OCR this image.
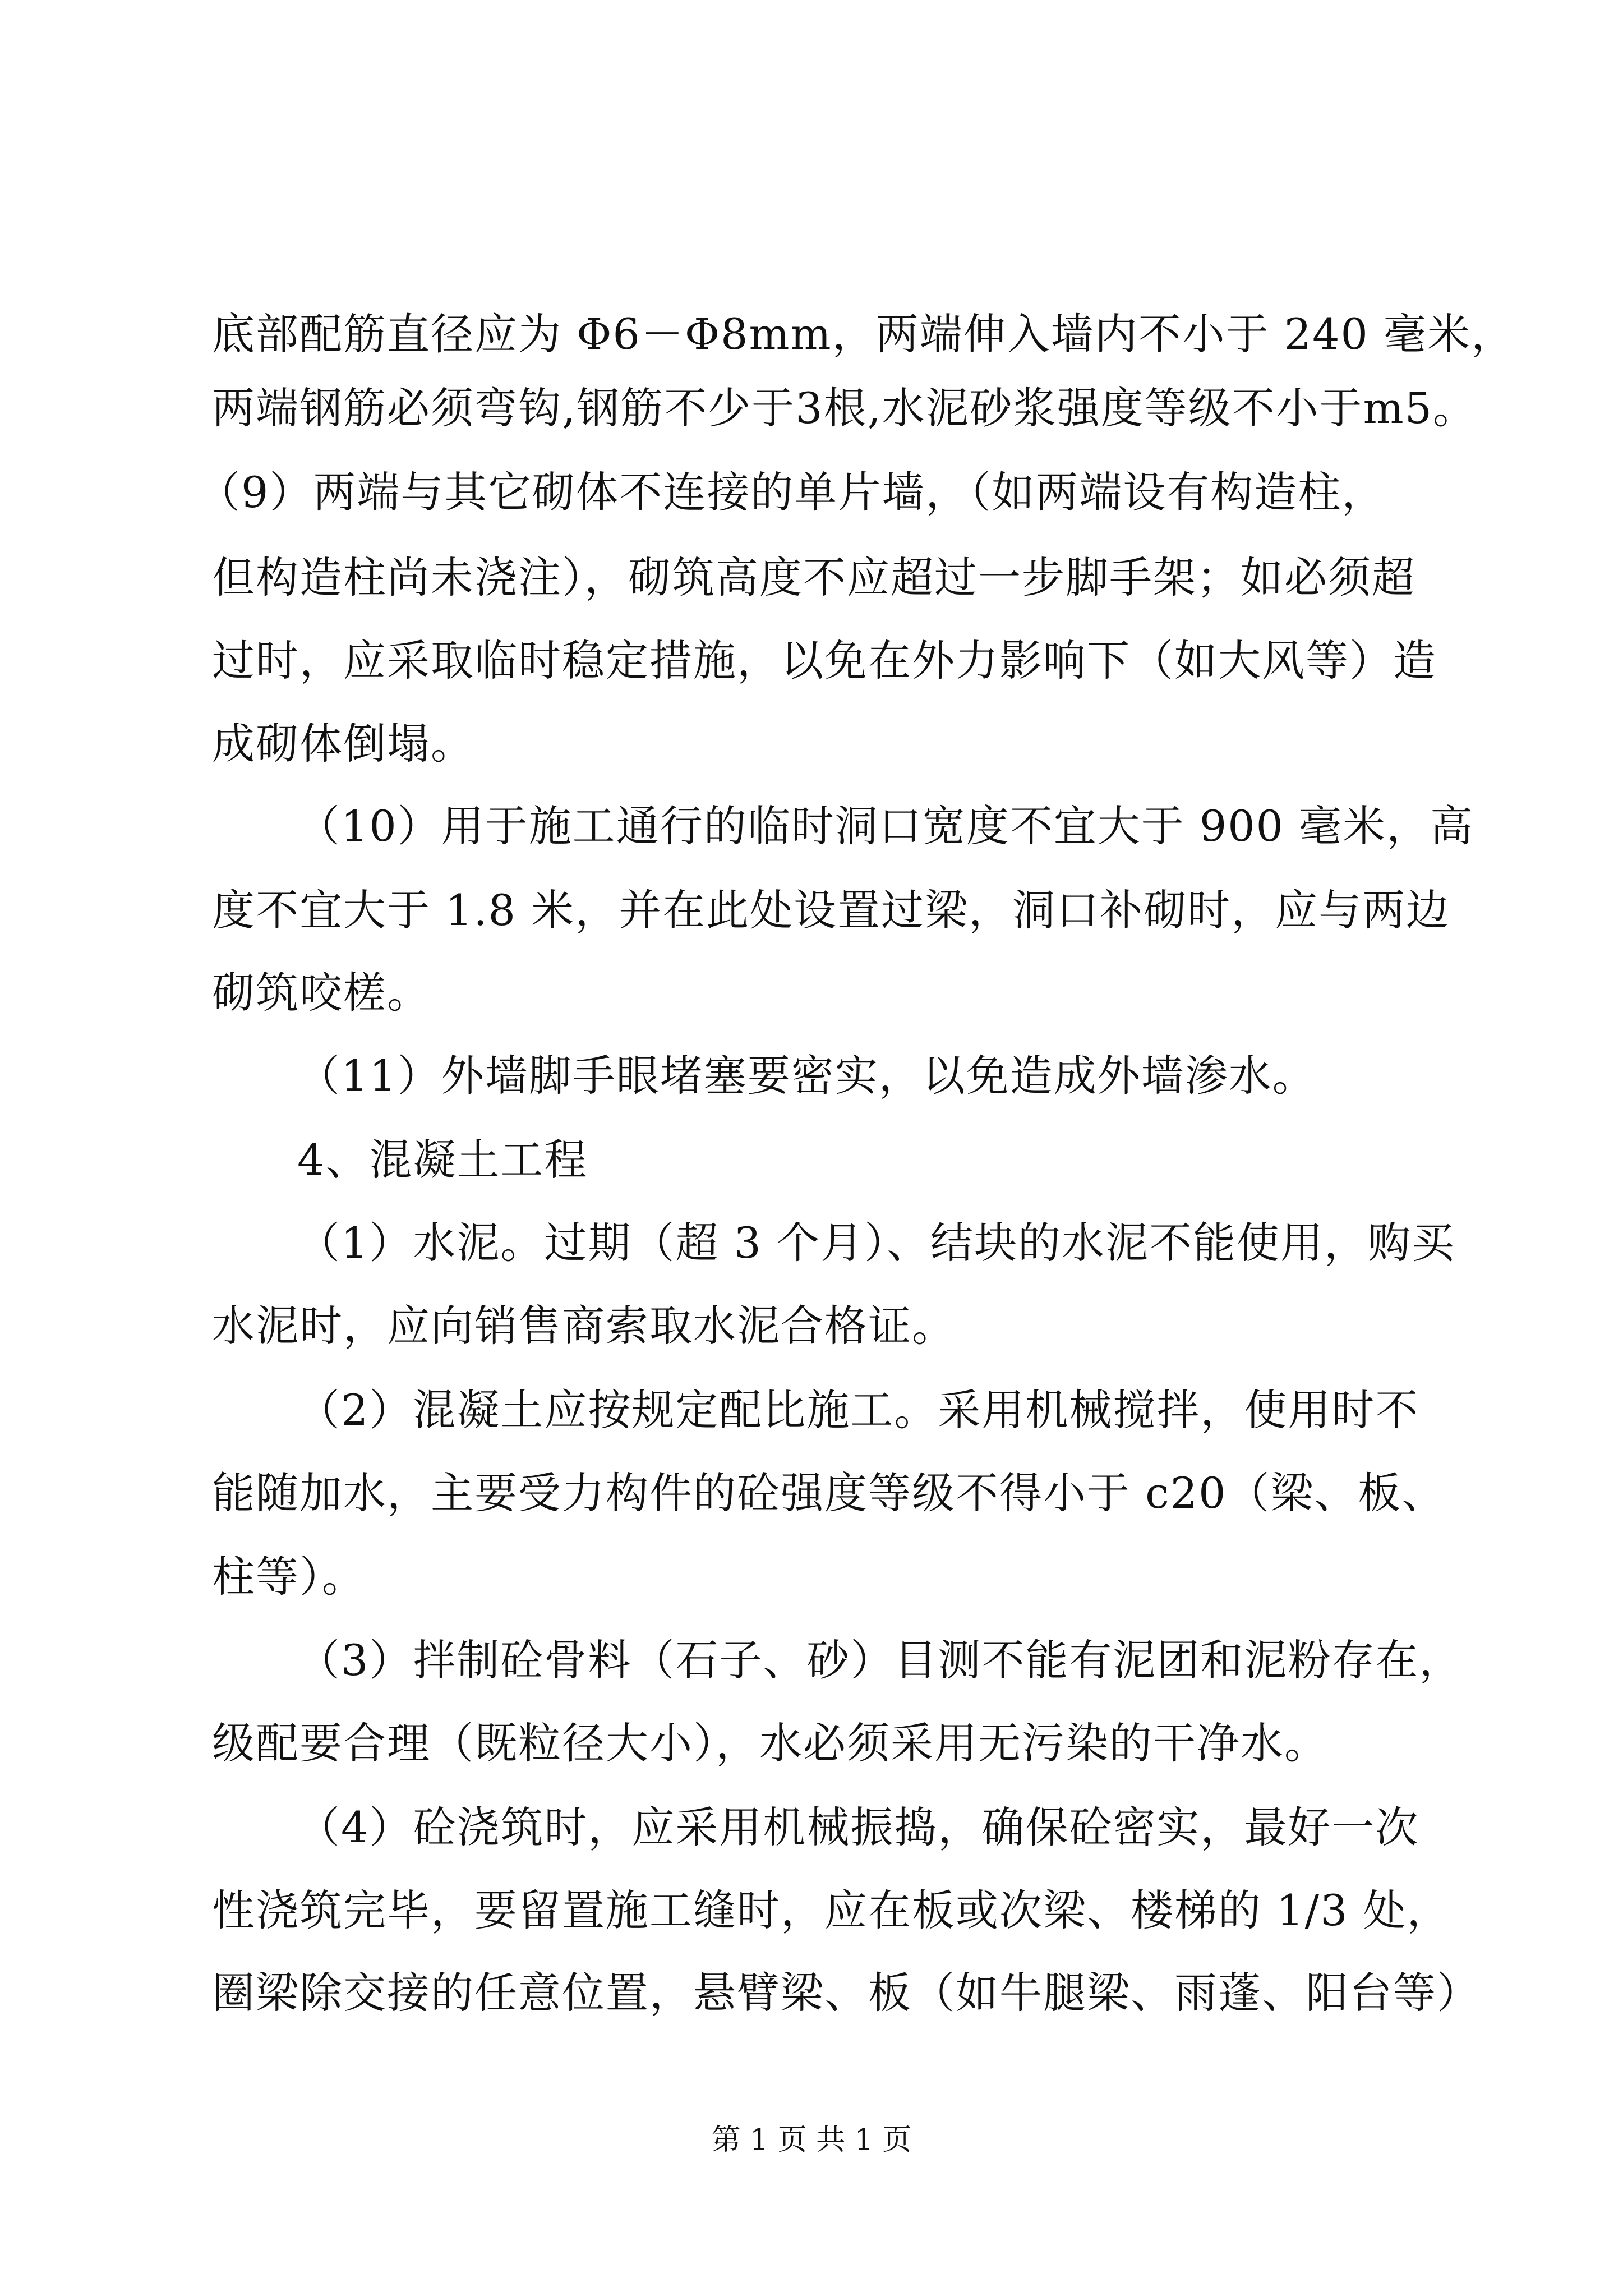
底部配筋直径应为 Φ6－Φ8mm，两端伸入墙内不小于 240 毫米，
两端钢筋必须弯钩,钢筋不少于3根,水泥砂浆强度等级不小于m5。
（9）两端与其它砌体不连接的单片墙，（如两端设有构造柱，
但构造柱尚未浇注），砌筑高度不应超过一步脚手架；如必须超
过时，应采取临时稳定措施，以免在外力影响下（如大风等）造
成砌体倒塌。
（10）用于施工通行的临时洞口宽度不宜大于 900 毫米，高
度不宜大于 1.8 米，并在此处设置过梁，洞口补砌时，应与两边
砌筑咬槎。
（11）外墙脚手眼堵塞要密实，以免造成外墙渗水。
4、混凝土工程
（1）水泥。过期（超 3 个月）、结块的水泥不能使用，购买
水泥时，应向销售商索取水泥合格证。
（2）混凝土应按规定配比施工。采用机械搅拌，使用时不
能随加水，主要受力构件的砼强度等级不得小于 c20（梁、板、
柱等）。
（3）拌制砼骨料（石子、砂）目测不能有泥团和泥粉存在，
级配要合理（既粒径大小），水必须采用无污染的干净水。
（4）砼浇筑时，应采用机械振捣，确保砼密实，最好一次
性浇筑完毕，要留置施工缝时，应在板或次梁、楼梯的 1/3 处，
圈梁除交接的任意位置，悬臂梁、板（如牛腿梁、雨蓬、阳台等）
第 1 页 共 1 页
